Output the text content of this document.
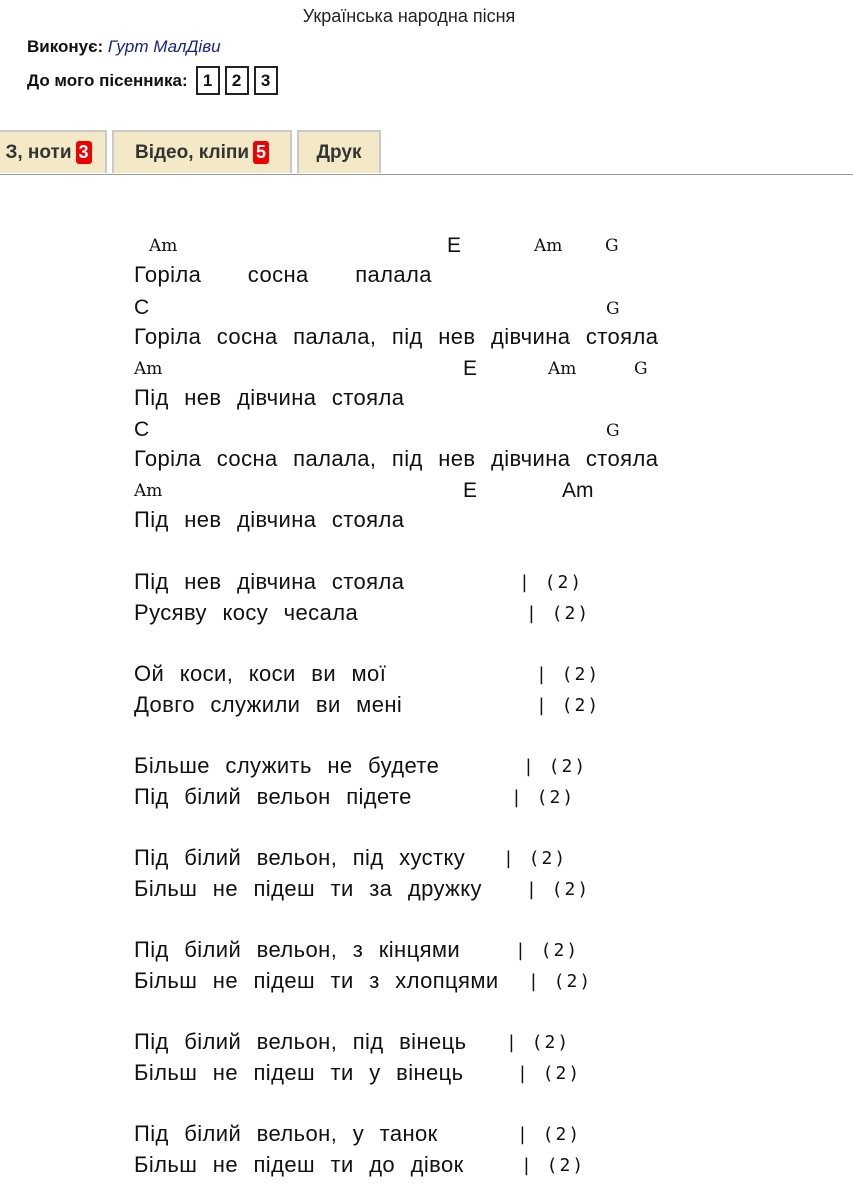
Українська народна пісня
Виконує: Гурт МалДіви
До мого пісенника: 1	2	3
З, ноти 3 Відео, кліпи 5	Друк

Am

	E

	Am

	G

Горіла   сосна   палала

C

	G

Горіла сосна палала, під нев дівчина стояла

Am

	E

	Am

	G

Під нев дівчина стояла

C

	G

Горіла сосна палала, під нев дівчина стояла

Am

	E

	Am

Під нев дівчина стояла
Під нев дівчина стояла	| (2)
Русяву косу чесала	| (2)
Ой коси, коси ви мої	| (2)
Довго служили ви мені	| (2)
Більше служить не будете	| (2)
Під білий вельон підете	| (2)
Під білий вельон, під хустку | (2)
Більш не підеш ти за дружку | (2)
Під білий вельон, з кінцями	| (2)
Більш не підеш ти з хлопцями | (2)
Під білий вельон, під вінець | (2)
Більш не підеш ти у вінець	| (2)
Під білий вельон, у танок	| (2)
Більш не підеш ти до дівок	| (2)
